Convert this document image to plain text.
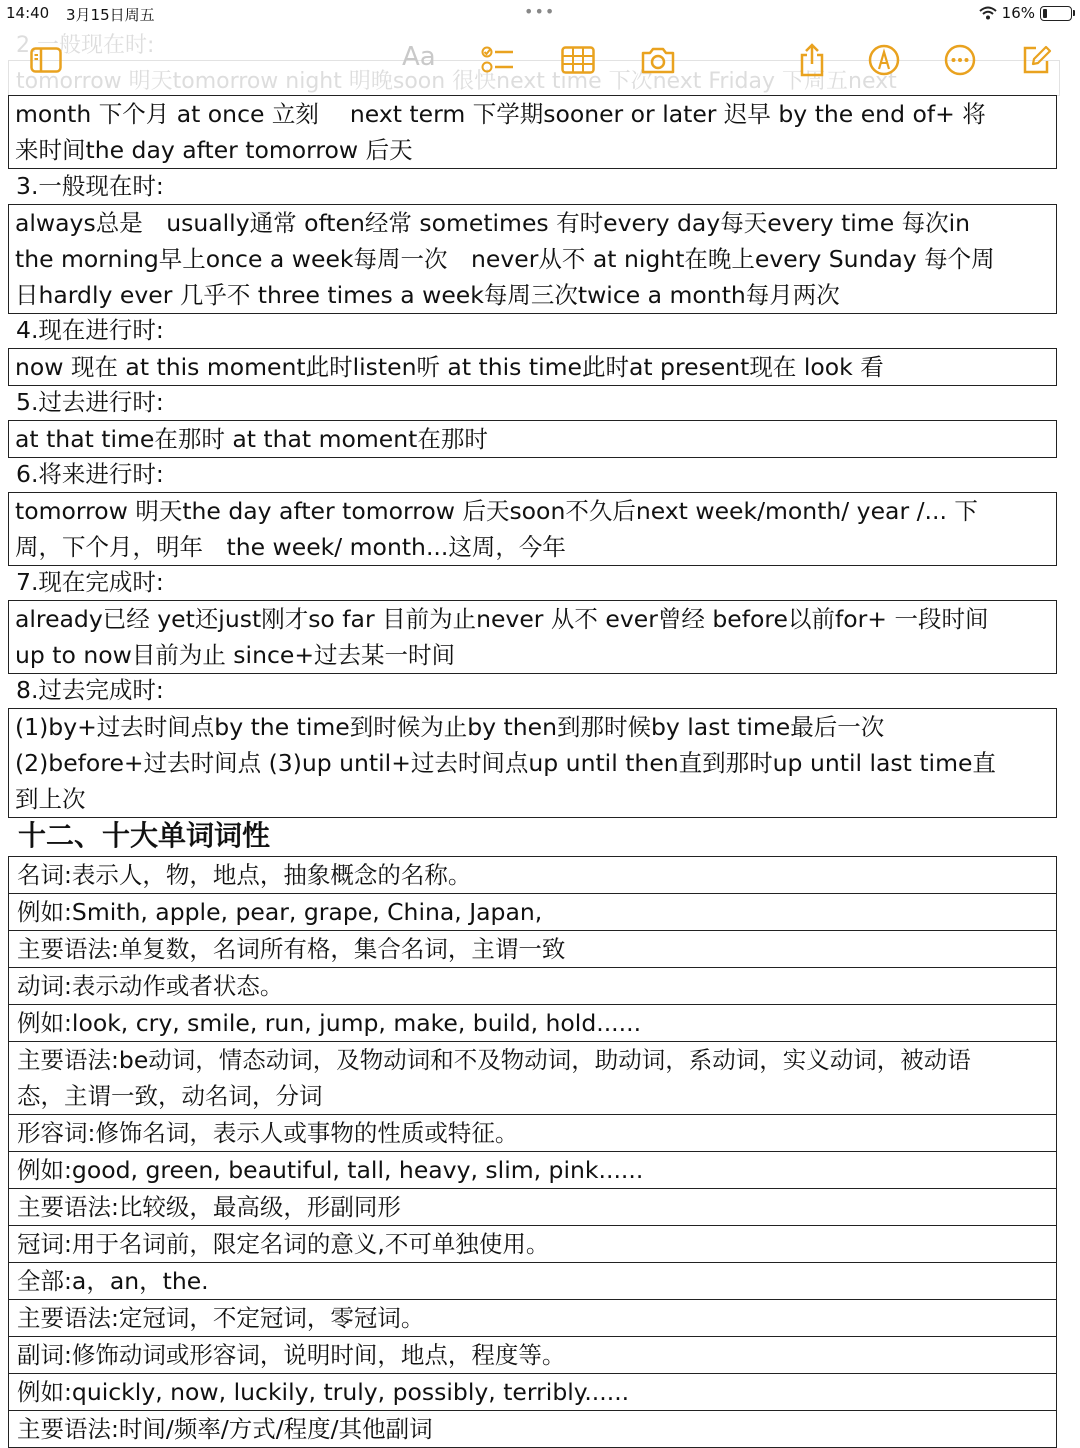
14:40 3月15日周五	•••	16%
2.一般现在时:
tomorrow 明天tomorrow night 明晚soon 很快next time 下次next Friday 下周五next
Aa
month 下个月 at once 立刻　 next term 下学期sooner or later 迟早 by the end of+ 将
来时间the day after tomorrow 后天
3.一般现在时:
always总是　usually通常 often经常 sometimes 有时every day每天every time 每次in
the morning早上once a week每周一次　never从不 at night在晚上every Sunday 每个周
日hardly ever 几乎不 three times a week每周三次twice a month每月两次
4.现在进行时:
now 现在 at this moment此时listen听 at this time此时at present现在 look 看
5.过去进行时:
at that time在那时 at that moment在那时
6.将来进行时:
tomorrow 明天the day after tomorrow 后天soon不久后next week/month/ year /... 下
周，下个月，明年　the week/ month...这周，今年
7.现在完成时:
already已经 yet还just刚才so far 目前为止never 从不 ever曾经 before以前for+ 一段时间
up to now目前为止 since+过去某一时间
8.过去完成时:
(1)by+过去时间点by the time到时候为止by then到那时候by last time最后一次
(2)before+过去时间点 (3)up until+过去时间点up until then直到那时up until last time直
到上次
十二、十大单词词性
名词:表示人，物，地点，抽象概念的名称。
例如:Smith, apple, pear, grape, China, Japan,
主要语法:单复数，名词所有格，集合名词，主谓一致
动词:表示动作或者状态。
例如:look, cry, smile, run, jump, make, build, hold......

主要语法:be动词，情态动词，及物动词和不及物动词，助动词，系动词，实义动词，被动语
态，主谓一致，动名词，分词

形容词:修饰名词，表示人或事物的性质或特征。
例如:good, green, beautiful, tall, heavy, slim, pink......
主要语法:比较级，最高级，形副同形
冠词:用于名词前，限定名词的意义,不可单独使用。
全部:a，an，the.
主要语法:定冠词，不定冠词，零冠词。
副词:修饰动词或形容词，说明时间，地点，程度等。
例如:quickly, now, luckily, truly, possibly, terribly......
主要语法:时间/频率/方式/程度/其他副词
